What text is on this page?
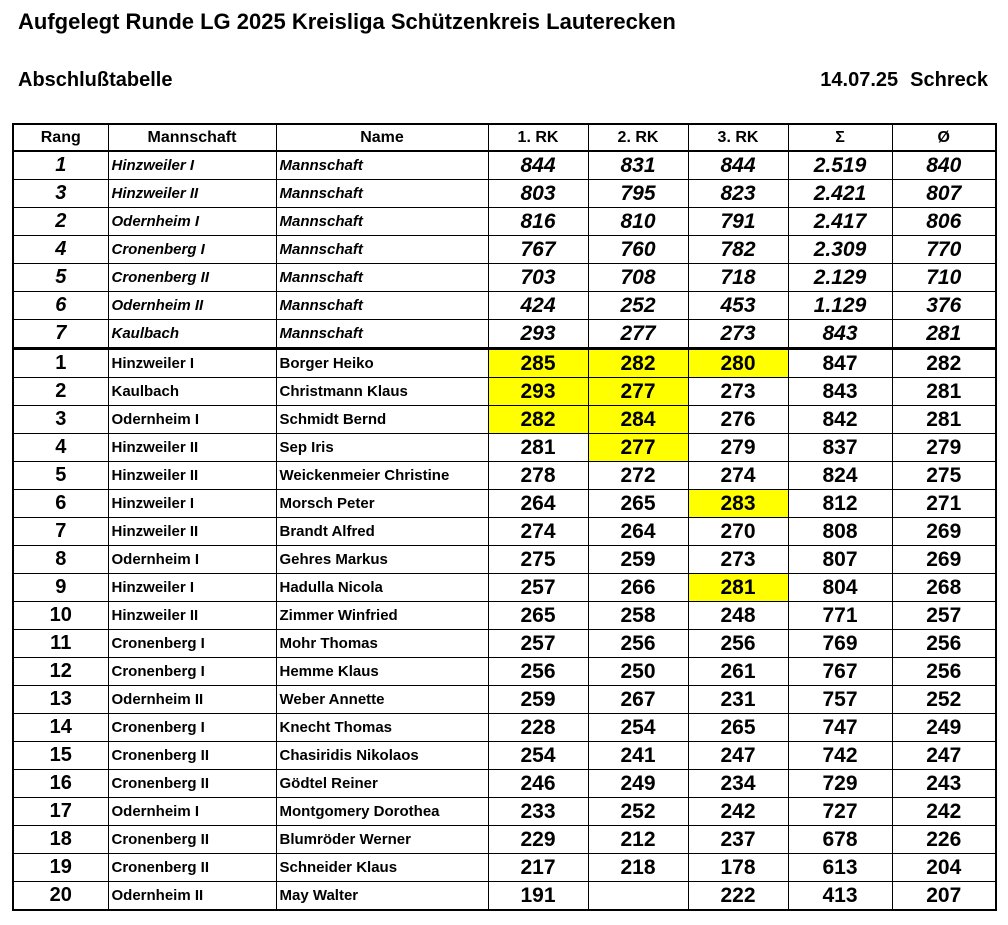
Aufgelegt Runde LG 2025 Kreisliga Schützenkreis Lauterecken
Abschlußtabelle	14.07.25 Schreck
Rang	Mannschaft	Name	1. RK	2. RK	3. RK	Σ	Ø
1	Hinzweiler I	Mannschaft	844	831	844	2.519	840
3	Hinzweiler II	Mannschaft	803	795	823	2.421	807
2	Odernheim I	Mannschaft	816	810	791	2.417	806
4	Cronenberg I	Mannschaft	767	760	782	2.309	770
5	Cronenberg II	Mannschaft	703	708	718	2.129	710
6	Odernheim II	Mannschaft	424	252	453	1.129	376
7	Kaulbach	Mannschaft	293	277	273	843	281
1	Hinzweiler I	Borger Heiko	285	282	280	847	282
2	Kaulbach	Christmann Klaus	293	277	273	843	281
3	Odernheim I	Schmidt Bernd	282	284	276	842	281
4	Hinzweiler II	Sep Iris	281	277	279	837	279
5	Hinzweiler II	Weickenmeier Christine	278	272	274	824	275
6	Hinzweiler I	Morsch Peter	264	265	283	812	271
7	Hinzweiler II	Brandt Alfred	274	264	270	808	269
8	Odernheim I	Gehres Markus	275	259	273	807	269
9	Hinzweiler I	Hadulla Nicola	257	266	281	804	268
10	Hinzweiler II	Zimmer Winfried	265	258	248	771	257
11	Cronenberg I	Mohr Thomas	257	256	256	769	256
12	Cronenberg I	Hemme Klaus	256	250	261	767	256
13	Odernheim II	Weber Annette	259	267	231	757	252
14	Cronenberg I	Knecht Thomas	228	254	265	747	249
15	Cronenberg II	Chasiridis Nikolaos	254	241	247	742	247
16	Cronenberg II	Gödtel Reiner	246	249	234	729	243
17	Odernheim I	Montgomery Dorothea	233	252	242	727	242
18	Cronenberg II	Blumröder Werner	229	212	237	678	226
19	Cronenberg II	Schneider Klaus	217	218	178	613	204
20	Odernheim II	May Walter	191		222	413	207
